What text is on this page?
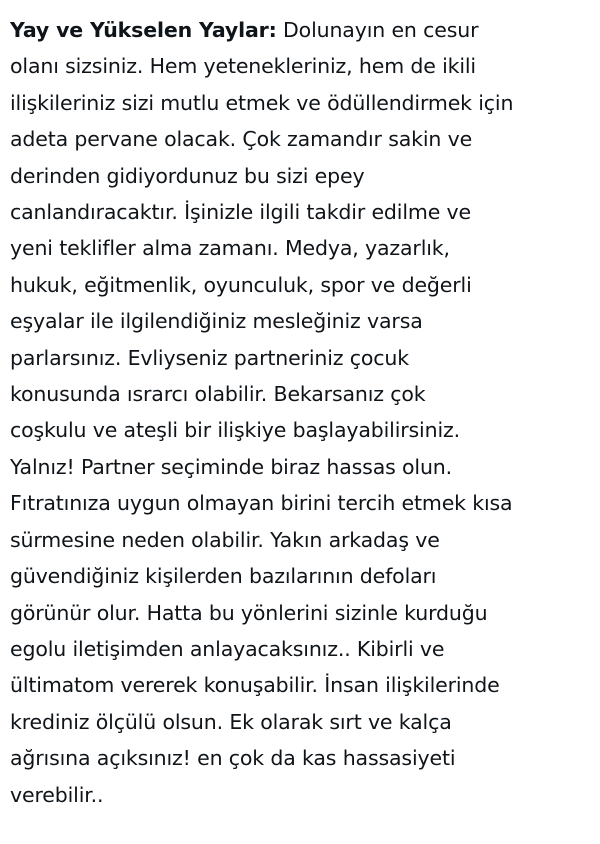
Yay ve Yükselen Yaylar: Dolunayın en cesur
olanı sizsiniz. Hem yetenekleriniz, hem de ikili
ilişkileriniz sizi mutlu etmek ve ödüllendirmek için
adeta pervane olacak. Çok zamandır sakin ve
derinden gidiyordunuz bu sizi epey
canlandıracaktır. İşinizle ilgili takdir edilme ve
yeni teklifler alma zamanı. Medya, yazarlık,
hukuk, eğitmenlik, oyunculuk, spor ve değerli
eşyalar ile ilgilendiğiniz mesleğiniz varsa
parlarsınız. Evliyseniz partneriniz çocuk
konusunda ısrarcı olabilir. Bekarsanız çok
coşkulu ve ateşli bir ilişkiye başlayabilirsiniz.
Yalnız! Partner seçiminde biraz hassas olun.
Fıtratınıza uygun olmayan birini tercih etmek kısa
sürmesine neden olabilir. Yakın arkadaş ve
güvendiğiniz kişilerden bazılarının defoları
görünür olur. Hatta bu yönlerini sizinle kurduğu
egolu iletişimden anlayacaksınız.. Kibirli ve
ültimatom vererek konuşabilir. İnsan ilişkilerinde
krediniz ölçülü olsun. Ek olarak sırt ve kalça
ağrısına açıksınız! en çok da kas hassasiyeti
verebilir..
